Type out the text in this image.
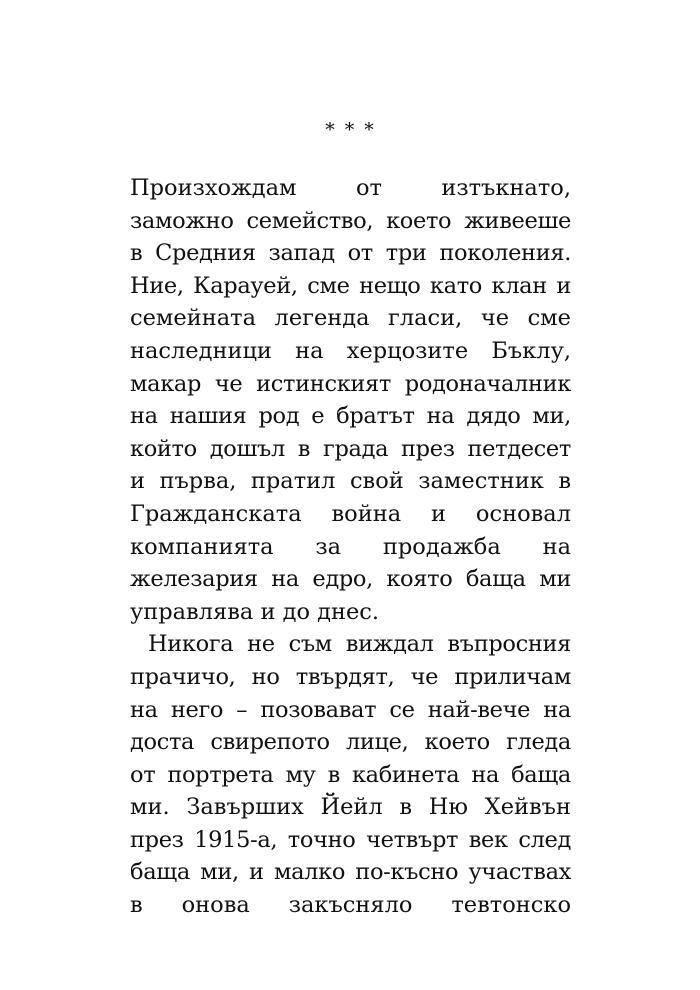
* * *
Произхождам от изтъкнато,
заможно семейство, което живееше
в Средния запад от три поколения.
Ние, Карауей, сме нещо като клан и
семейната легенда гласи, че сме
наследници на херцозите Бъклу,
макар че истинският родоначалник
на нашия род е братът на дядо ми,
който дошъл в града през петдесет
и първа, пратил свой заместник в
Гражданската война и основал
компанията за продажба на
железария на едро, която баща ми
управлява и до днес.
Никога не съм виждал въпросния
прачичо, но твърдят, че приличам
на него – позовават се най-вече на
доста свирепото лице, което гледа
от портрета му в кабинета на баща
ми. Завърших Йейл в Ню Хейвън
през 1915-а, точно четвърт век след
баща ми, и малко по-късно участвах
в онова закъсняло тевтонско
